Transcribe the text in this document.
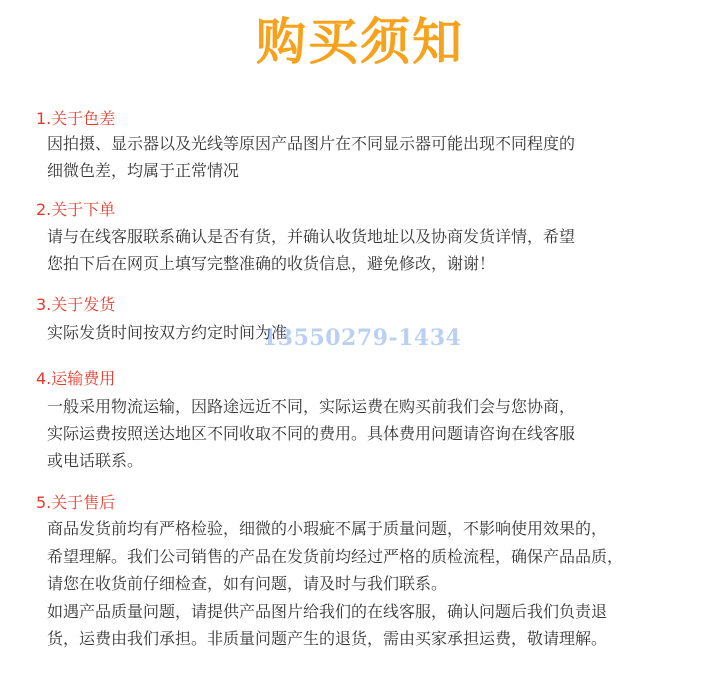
购买须知
1.关于色差
因拍摄、显示器以及光线等原因产品图片在不同显示器可能出现不同程度的
细微色差，均属于正常情况
2.关于下单
请与在线客服联系确认是否有货，并确认收货地址以及协商发货详情，希望
您拍下后在网页上填写完整准确的收货信息，避免修改，谢谢！
3.关于发货
实际发货时间按双方约定时间为准
4.运输费用
一般采用物流运输，因路途远近不同，实际运费在购买前我们会与您协商，
实际运费按照送达地区不同收取不同的费用。具体费用问题请咨询在线客服
或电话联系。
5.关于售后
商品发货前均有严格检验，细微的小瑕疵不属于质量问题，不影响使用效果的，
希望理解。我们公司销售的产品在发货前均经过严格的质检流程，确保产品品质，
请您在收货前仔细检查，如有问题，请及时与我们联系。
如遇产品质量问题，请提供产品图片给我们的在线客服，确认问题后我们负责退
货，运费由我们承担。非质量问题产生的退货，需由买家承担运费，敬请理解。
13550279-1434
